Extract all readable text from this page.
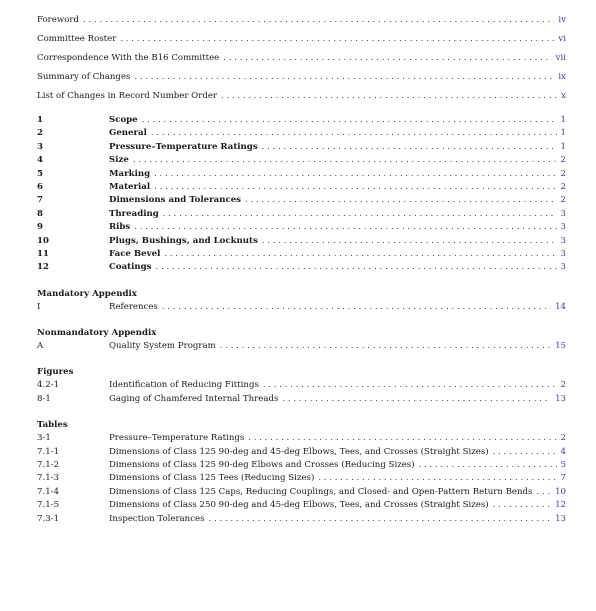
Foreword . . .	iv
Committee Roster . . .	vi
Correspondence With the B16 Committee . . .	vii
Summary of Changes . . .	ix
List of Changes in Record Number Order . . .	x
1	Scope . . .	1
2	General . . .	1
3	Pressure–Temperature Ratings . . .	1
4	Size . . .	2
5	Marking . . .	2
6	Material . . .	2
7	Dimensions and Tolerances . . .	2
8	Threading . . .	3
9	Ribs . . .	3
10	Plugs, Bushings, and Locknuts . . .	3
11	Face Bevel . . .	3
12	Coatings . . .	3
Mandatory Appendix
I	References . . .	14
Nonmandatory Appendix
A	Quality System Program . . .	15
Figures
4.2-1	Identification of Reducing Fittings . . .	2
8-1	Gaging of Chamfered Internal Threads . . .	13
Tables
3-1	Pressure–Temperature Ratings . . .	2
7.1-1	Dimensions of Class 125 90-deg and 45-deg Elbows, Tees, and Crosses (Straight Sizes) . . .	4
7.1-2	Dimensions of Class 125 90-deg Elbows and Crosses (Reducing Sizes) . . .	5
7.1-3	Dimensions of Class 125 Tees (Reducing Sizes) . . .	7
7.1-4	Dimensions of Class 125 Caps, Reducing Couplings, and Closed- and Open-Pattern Return Bends . . .	10
7.1-5	Dimensions of Class 250 90-deg and 45-deg Elbows, Tees, and Crosses (Straight Sizes) . . .	12
7.3-1	Inspection Tolerances . . .	13
